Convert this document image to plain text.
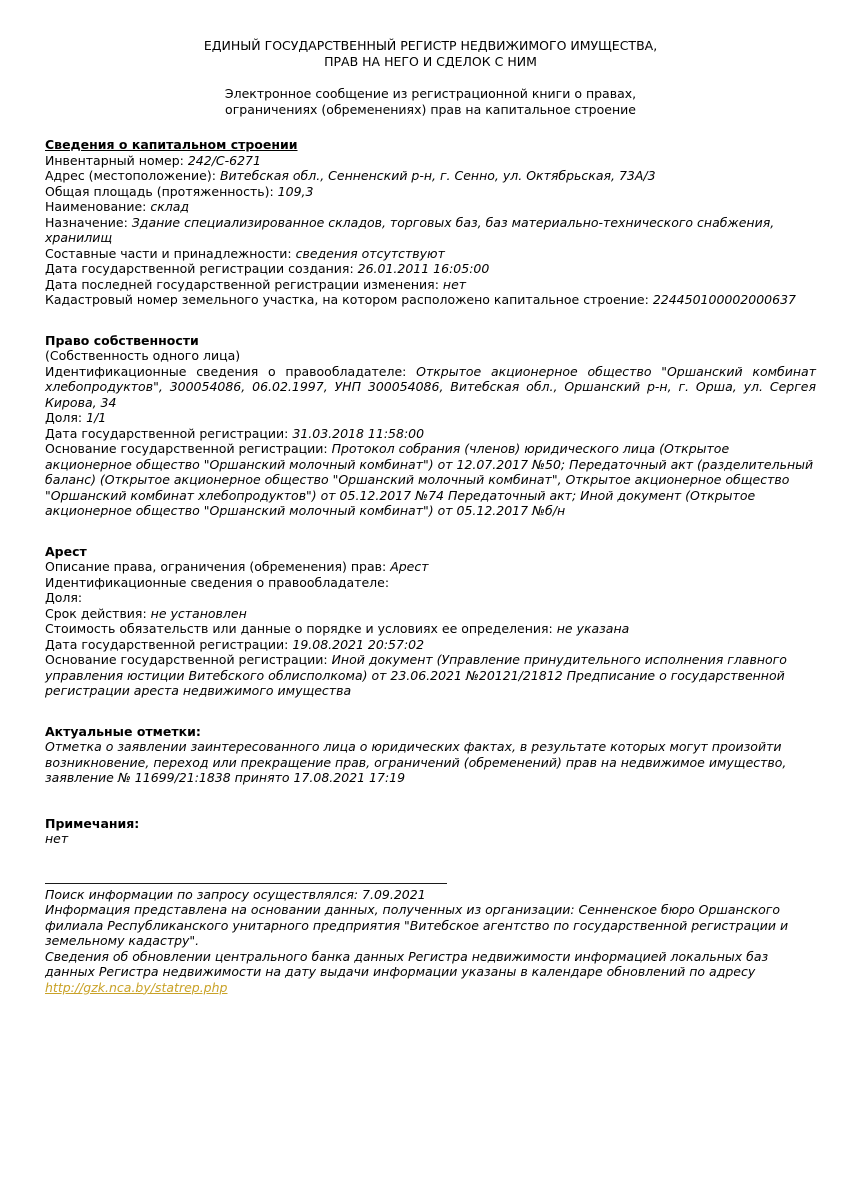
ЕДИНЫЙ ГОСУДАРСТВЕННЫЙ РЕГИСТР НЕДВИЖИМОГО ИМУЩЕСТВА,
ПРАВ НА НЕГО И СДЕЛОК С НИМ
Электронное сообщение из регистрационной книги о правах,
ограничениях (обременениях) прав на капитальное строение
Сведения о капитальном строении
Инвентарный номер: 242/С-6271
Адрес (местоположение): Витебская обл., Сенненский р-н, г. Сенно, ул. Октябрьская, 73А/3
Общая площадь (протяженность): 109,3
Наименование: склад
Назначение: Здание специализированное складов, торговых баз, баз материально-технического снабжения, хранилищ
Составные части и принадлежности: сведения отсутствуют
Дата государственной регистрации создания: 26.01.2011 16:05:00
Дата последней государственной регистрации изменения: нет
Кадастровый номер земельного участка, на котором расположено капитальное строение: 224450100002000637
Право собственности
(Собственность одного лица)

Идентификационные сведения о правообладателе: Открытое акционерное общество "Оршанский комбинат хлебопродуктов", 300054086, 06.02.1997, УНП 300054086, Витебская обл., Оршанский р-н, г. Орша, ул. Сергея Кирова, 34

Доля: 1/1
Дата государственной регистрации: 31.03.2018 11:58:00

Основание государственной регистрации: Протокол собрания (членов) юридического лица (Открытое акционерное общество "Оршанский молочный комбинат") от 12.07.2017 №50; Передаточный акт (разделительный баланс) (Открытое акционерное общество "Оршанский молочный комбинат", Открытое акционерное общество "Оршанский комбинат хлебопродуктов") от 05.12.2017 №74 Передаточный акт; Иной документ (Открытое акционерное общество "Оршанский молочный комбинат") от 05.12.2017 №б/н

Арест
Описание права, ограничения (обременения) прав: Арест
Идентификационные сведения о правообладателе:
Доля:
Срок действия: не установлен
Стоимость обязательств или данные о порядке и условиях ее определения: не указана
Дата государственной регистрации: 19.08.2021 20:57:02

Основание государственной регистрации: Иной документ (Управление принудительного исполнения главного управления юстиции Витебского облисполкома) от 23.06.2021 №20121/21812 Предписание о государственной регистрации ареста недвижимого имущества

Актуальные отметки:

Отметка о заявлении заинтересованного лица о юридических фактах, в результате которых могут произойти возникновение, переход или прекращение прав, ограничений (обременений) прав на недвижимое имущество, заявление № 11699/21:1838 принято 17.08.2021 17:19

Примечания:
нет
Поиск информации по запросу осуществлялся: 7.09.2021

Информация представлена на основании данных, полученных из организации: Сенненское бюро Оршанского филиала Республиканского унитарного предприятия "Витебское агентство по государственной регистрации и земельному кадастру".

Сведения об обновлении центрального банка данных Регистра недвижимости информацией локальных баз данных Регистра недвижимости на дату выдачи информации указаны в календаре обновлений по адресу

http://gzk.nca.by/statrep.php
